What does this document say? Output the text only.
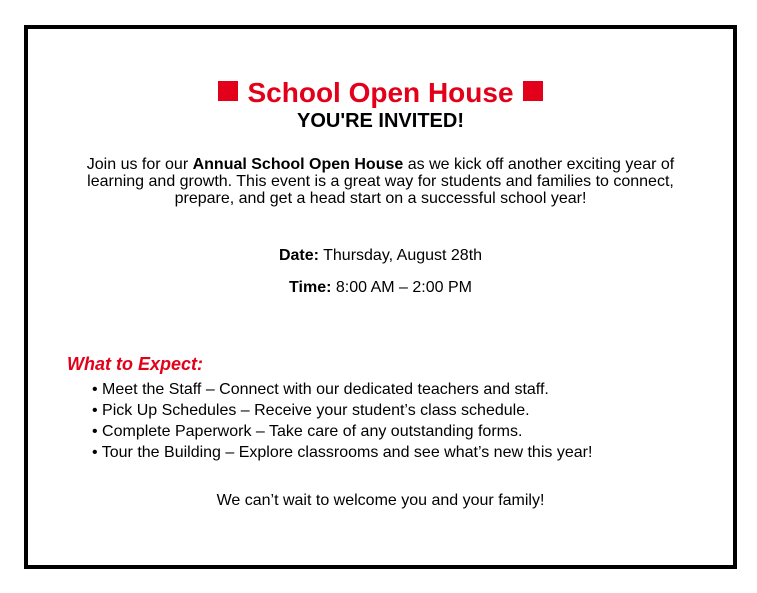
School Open House
YOU'RE INVITED!
Join us for our Annual School Open House as we kick off another exciting year of learning and growth. This event is a great way for students and families to connect, prepare, and get a head start on a successful school year!
Date: Thursday, August 28th
Time: 8:00 AM – 2:00 PM
What to Expect:
• Meet the Staff – Connect with our dedicated teachers and staff.
• Pick Up Schedules – Receive your student’s class schedule.
• Complete Paperwork – Take care of any outstanding forms.
• Tour the Building – Explore classrooms and see what’s new this year!
We can’t wait to welcome you and your family!
